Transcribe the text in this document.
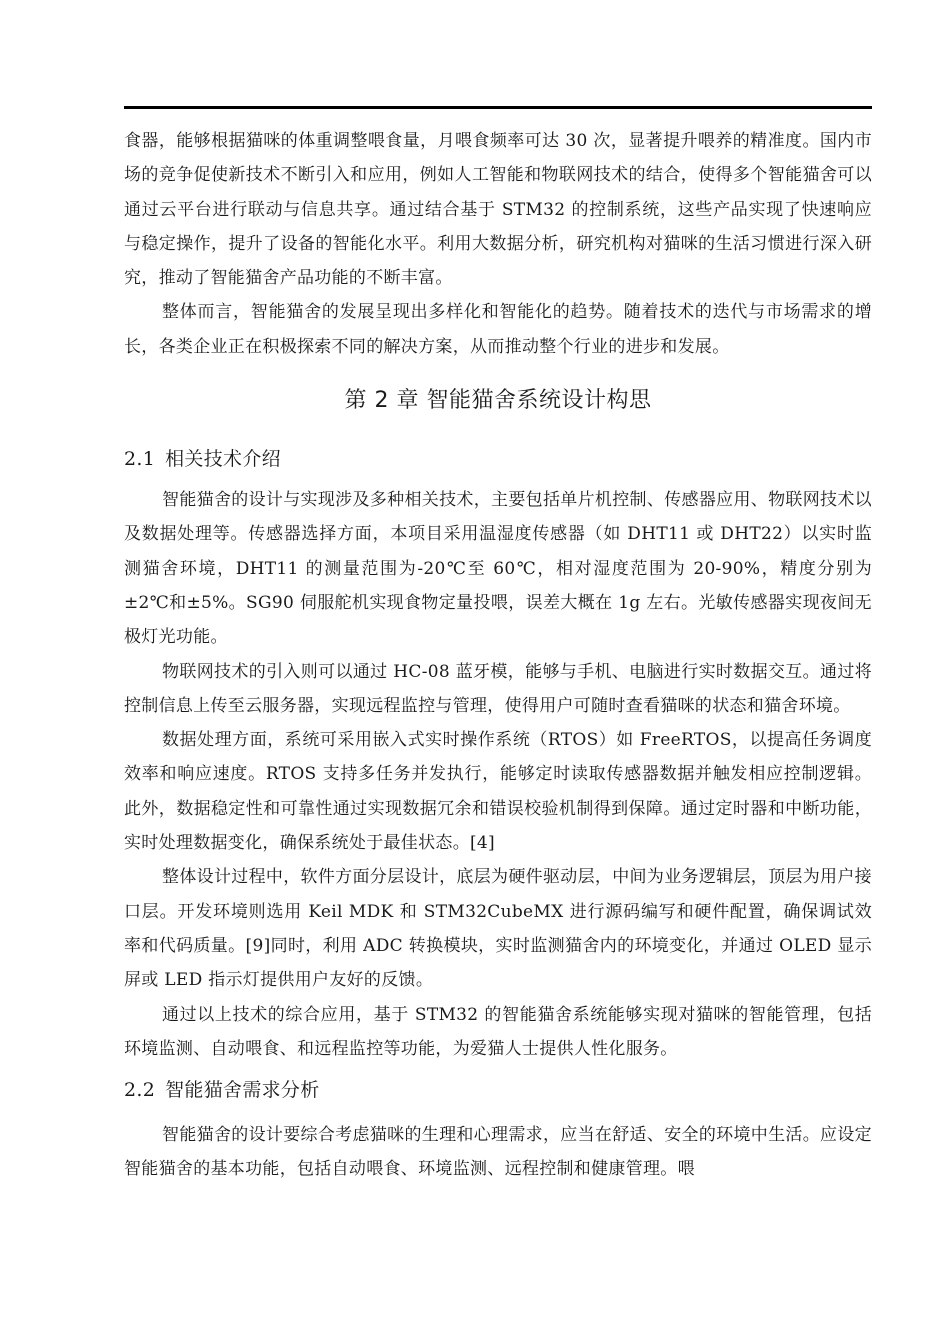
食器，能够根据猫咪的体重调整喂食量，月喂食频率可达 30 次，显著提升喂养的精准度。国内市场的竞争促使新技术不断引入和应用，例如人工智能和物联网技术的结合，使得多个智能猫舍可以通过云平台进行联动与信息共享。通过结合基于 STM32 的控制系统，这些产品实现了快速响应与稳定操作，提升了设备的智能化水平。利用大数据分析，研究机构对猫咪的生活习惯进行深入研究，推动了智能猫舍产品功能的不断丰富。

整体而言，智能猫舍的发展呈现出多样化和智能化的趋势。随着技术的迭代与市场需求的增长，各类企业正在积极探索不同的解决方案，从而推动整个行业的进步和发展。

第 2 章 智能猫舍系统设计构思
2.1 相关技术介绍

智能猫舍的设计与实现涉及多种相关技术，主要包括单片机控制、传感器应用、物联网技术以及数据处理等。传感器选择方面，本项目采用温湿度传感器（如 DHT11 或 DHT22）以实时监测猫舍环境，DHT11 的测量范围为-20℃至 60℃，相对湿度范围为 20-90%，精度分别为±2℃和±5%。SG90 伺服舵机实现食物定量投喂，误差大概在 1g 左右。光敏传感器实现夜间无极灯光功能。

物联网技术的引入则可以通过 HC-08 蓝牙模，能够与手机、电脑进行实时数据交互。通过将控制信息上传至云服务器，实现远程监控与管理，使得用户可随时查看猫咪的状态和猫舍环境。

数据处理方面，系统可采用嵌入式实时操作系统（RTOS）如 FreeRTOS，以提高任务调度效率和响应速度。RTOS 支持多任务并发执行，能够定时读取传感器数据并触发相应控制逻辑。此外，数据稳定性和可靠性通过实现数据冗余和错误校验机制得到保障。通过定时器和中断功能，实时处理数据变化，确保系统处于最佳状态。[4]

整体设计过程中，软件方面分层设计，底层为硬件驱动层，中间为业务逻辑层，顶层为用户接口层。开发环境则选用 Keil MDK 和 STM32CubeMX 进行源码编写和硬件配置，确保调试效率和代码质量。[9]同时，利用 ADC 转换模块，实时监测猫舍内的环境变化，并通过 OLED 显示屏或 LED 指示灯提供用户友好的反馈。

通过以上技术的综合应用，基于 STM32 的智能猫舍系统能够实现对猫咪的智能管理，包括环境监测、自动喂食、和远程监控等功能，为爱猫人士提供人性化服务。

2.2 智能猫舍需求分析

智能猫舍的设计要综合考虑猫咪的生理和心理需求，应当在舒适、安全的环境中生活。应设定智能猫舍的基本功能，包括自动喂食、环境监测、远程控制和健康管理。喂
